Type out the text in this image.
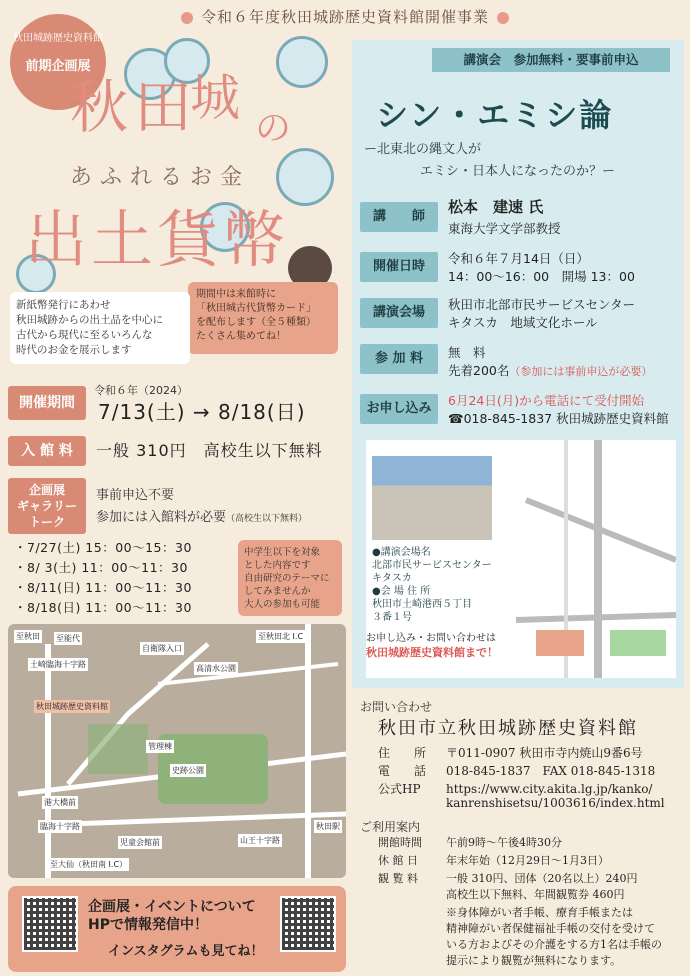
令和６年度秋田城跡歴史資料館開催事業
秋田城跡歴史資料館
前期企画展
秋田
城
の
あふれるお金
出土貨幣
期間中は来館時に
「秋田城古代貨幣カード」
を配布します（全５種類）
たくさん集めてね！
新紙幣発行にあわせ
秋田城跡からの出土品を中心に
古代から現代に至るいろんな
時代のお金を展示します
開催期間
令和６年（2024）
7/13(土) → 8/18(日)
入 館 料	一般 310円　高校生以下無料
企画展
ギャラリー
トーク
事前申込不要
参加には入館料が必要（高校生以下無料）
・7/27(土) 15：00～15：30
・8/ 3(土) 11：00～11：30
・8/11(日) 11：00～11：30
・8/18(日) 11：00～11：30
中学生以下を対象
とした内容です
自由研究のテーマに
してみませんか
大人の参加も可能
至秋田 至能代	至秋田北 I.C
土崎臨海十字路
自衛隊入口
高清水公園
秋田城跡歴史資料館
管理棟
史跡公園
港大橋前
臨海十字路
児童会館前	山王十字路
秋田駅
至大仙（秋田南 I.C）
企画展・イベントについて
HPで情報発信中！
インスタグラムも見てね！
講演会　参加無料・要事前申込
シン・エミシ論
ー北東北の縄文人が
エミシ・日本人になったのか？ー
講　　師
松本　建速 氏
東海大学文学部教授
開催日時
令和６年７月14日（日）
14：00～16：00　開場 13：00
講演会場
秋田市北部市民サービスセンター
キタスカ　地域文化ホール
参 加 料	無　料
先着200名（参加には事前申込が必要）
お申し込み
6月24日(月)から電話にて受付開始
☎018-845-1837 秋田城跡歴史資料館
●講演会場名
北部市民サービスセンター
キタスカ
●会 場 住 所
秋田市土崎港西５丁目
３番１号
お申し込み・お問い合わせは
秋田城跡歴史資料館まで！
お問い合わせ
秋田市立秋田城跡歴史資料館
住　　所 〒011-0907 秋田市寺内焼山9番6号
電　　話 018-845-1837　FAX 018-845-1318
公式HP https://www.city.akita.lg.jp/kanko/
kanrenshisetsu/1003616/index.html
ご利用案内
開館時間 午前9時～午後4時30分
休 館 日	年末年始（12月29日～1月3日）
観 覧 料	一般 310円、団体（20名以上）240円
高校生以下無料、年間観覧券 460円
※身体障がい者手帳、療育手帳または
精神障がい者保健福祉手帳の交付を受けて
いる方およびその介護をする方1名は手帳の
提示により観覧が無料になります。
